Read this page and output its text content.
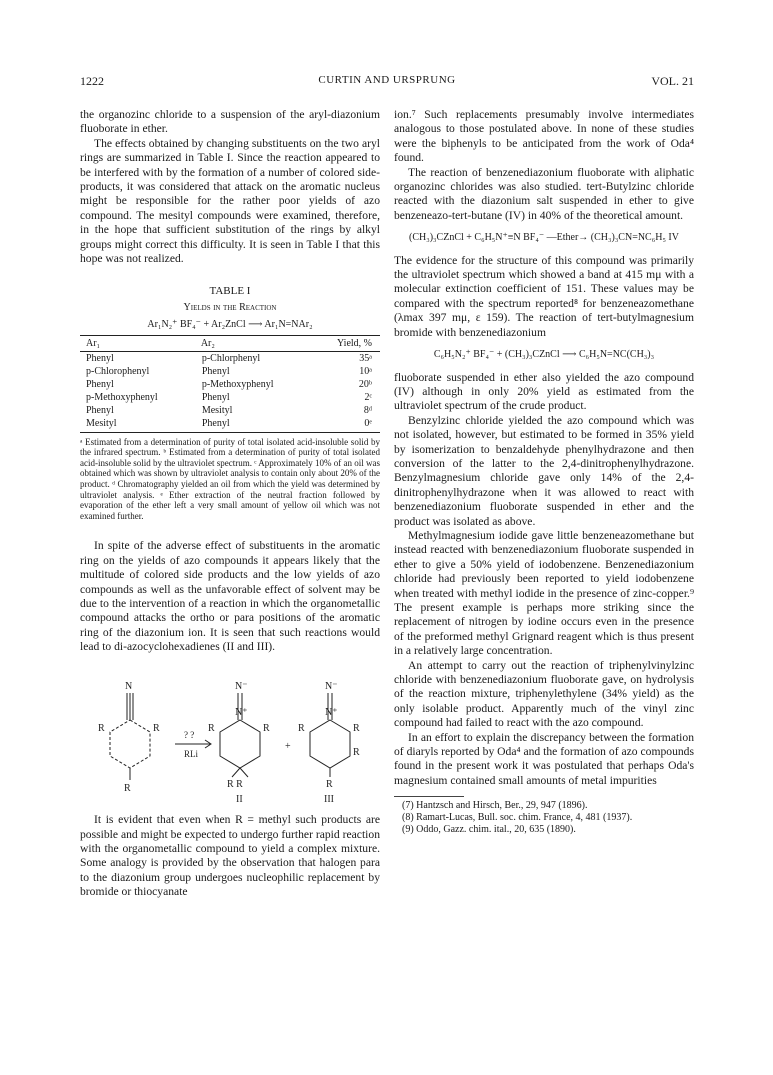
1222	CURTIN AND URSPRUNG	VOL. 21

the organozinc chloride to a suspension of the aryl-diazonium fluoborate in ether.

The effects obtained by changing substituents on the two aryl rings are summarized in Table I. Since the reaction appeared to be interfered with by the formation of a number of colored side-products, it was considered that attack on the aromatic nucleus might be responsible for the rather poor yields of azo compound. The mesityl compounds were examined, therefore, in the hope that sufficient substitution of the rings by alkyl groups might correct this difficulty. It is seen in Table I that this hope was not realized.

TABLE I
Yields in the Reaction
Ar₁N₂⁺ BF₄⁻ + Ar₂ZnCl ⟶ Ar₁N=NAr₂
Ar₁	Ar₂	Yield, %
Phenyl	p-Chlorphenyl	35ᵃ
p-Chlorophenyl	Phenyl	10ᵃ
Phenyl	p-Methoxyphenyl	20ᵇ
p-Methoxyphenyl	Phenyl	2ᶜ
Phenyl	Mesityl	8ᵈ
Mesityl	Phenyl	0ᵉ
ᵃ Estimated from a determination of purity of total isolated acid-insoluble solid by the infrared spectrum. ᵇ Estimated from a determination of purity of total isolated acid-insoluble solid by the ultraviolet spectrum. ᶜ Approximately 10% of an oil was obtained which was shown by ultraviolet analysis to contain only about 20% of the product. ᵈ Chromatography yielded an oil from which the yield was determined by ultraviolet analysis. ᵉ Ether extraction of the neutral fraction followed by evaporation of the ether left a very small amount of yellow oil which was not examined further.

In spite of the adverse effect of substituents in the aromatic ring on the yields of azo compounds it appears likely that the multitude of colored side products and the low yields of azo compounds as well as the unfavorable effect of solvent may be due to the intervention of a reaction in which the organometallic compound attacks the ortho or para positions of the aromatic ring of the diazonium ion. It is seen that such reactions would lead to di-azocyclohexadienes (II and III).

N	N⁻	N⁻
N⁺	N⁺
R	R	R	R	R	R
R
R	R R	R
+
? ?
RLi
II	III

It is evident that even when R = methyl such products are possible and might be expected to undergo further rapid reaction with the organometallic compound to yield a complex mixture. Some analogy is provided by the observation that halogen para to the diazonium group undergoes nucleophilic replacement by bromide or thiocyanate

ion.⁷ Such replacements presumably involve intermediates analogous to those postulated above. In none of these studies were the biphenyls to be anticipated from the work of Oda⁴ found.

The reaction of benzenediazonium fluoborate with aliphatic organozinc chlorides was also studied. tert-Butylzinc chloride reacted with the diazonium salt suspended in ether to give benzeneazo-tert-butane (IV) in 40% of the theoretical amount.

(CH₃)₃CZnCl + C₆H₅N⁺≡N BF₄⁻ —Ether→ (CH₃)₃CN=NC₆H₅ IV

The evidence for the structure of this compound was primarily the ultraviolet spectrum which showed a band at 415 mμ with a molecular extinction coefficient of 151. These values may be compared with the spectrum reported⁸ for benzeneazomethane (λmax 397 mμ, ε 159). The reaction of tert-butylmagnesium bromide with benzenediazonium

C₆H₅N₂⁺ BF₄⁻ + (CH₃)₃CZnCl ⟶ C₆H₅N=NC(CH₃)₃

fluoborate suspended in ether also yielded the azo compound (IV) although in only 20% yield as estimated from the ultraviolet spectrum of the crude product.

Benzylzinc chloride yielded the azo compound which was not isolated, however, but estimated to be formed in 35% yield by isomerization to benzaldehyde phenylhydrazone and then conversion of the latter to the 2,4-dinitrophenylhydrazone. Benzylmagnesium chloride gave only 14% of the 2,4-dinitrophenylhydrazone when it was allowed to react with benzenediazonium fluoborate suspended in ether and the product was isolated as above.

Methylmagnesium iodide gave little benzeneazomethane but instead reacted with benzenediazonium fluoborate suspended in ether to give a 50% yield of iodobenzene. Benzenediazonium chloride had previously been reported to yield iodobenzene when treated with methyl iodide in the presence of zinc-copper.⁹ The present example is perhaps more striking since the replacement of nitrogen by iodine occurs even in the presence of the preformed methyl Grignard reagent which is thus present in a relatively large concentration.

An attempt to carry out the reaction of triphenylvinylzinc chloride with benzenediazonium fluoborate gave, on hydrolysis of the reaction mixture, triphenylethylene (34% yield) as the only isolable product. Apparently much of the vinyl zinc compound had failed to react with the azo compound.

In an effort to explain the discrepancy between the formation of diaryls reported by Oda⁴ and the formation of azo compounds found in the present work it was postulated that perhaps Oda's magnesium contained small amounts of metal impurities

(7) Hantzsch and Hirsch, Ber., 29, 947 (1896).
(8) Ramart-Lucas, Bull. soc. chim. France, 4, 481 (1937).
(9) Oddo, Gazz. chim. ital., 20, 635 (1890).
